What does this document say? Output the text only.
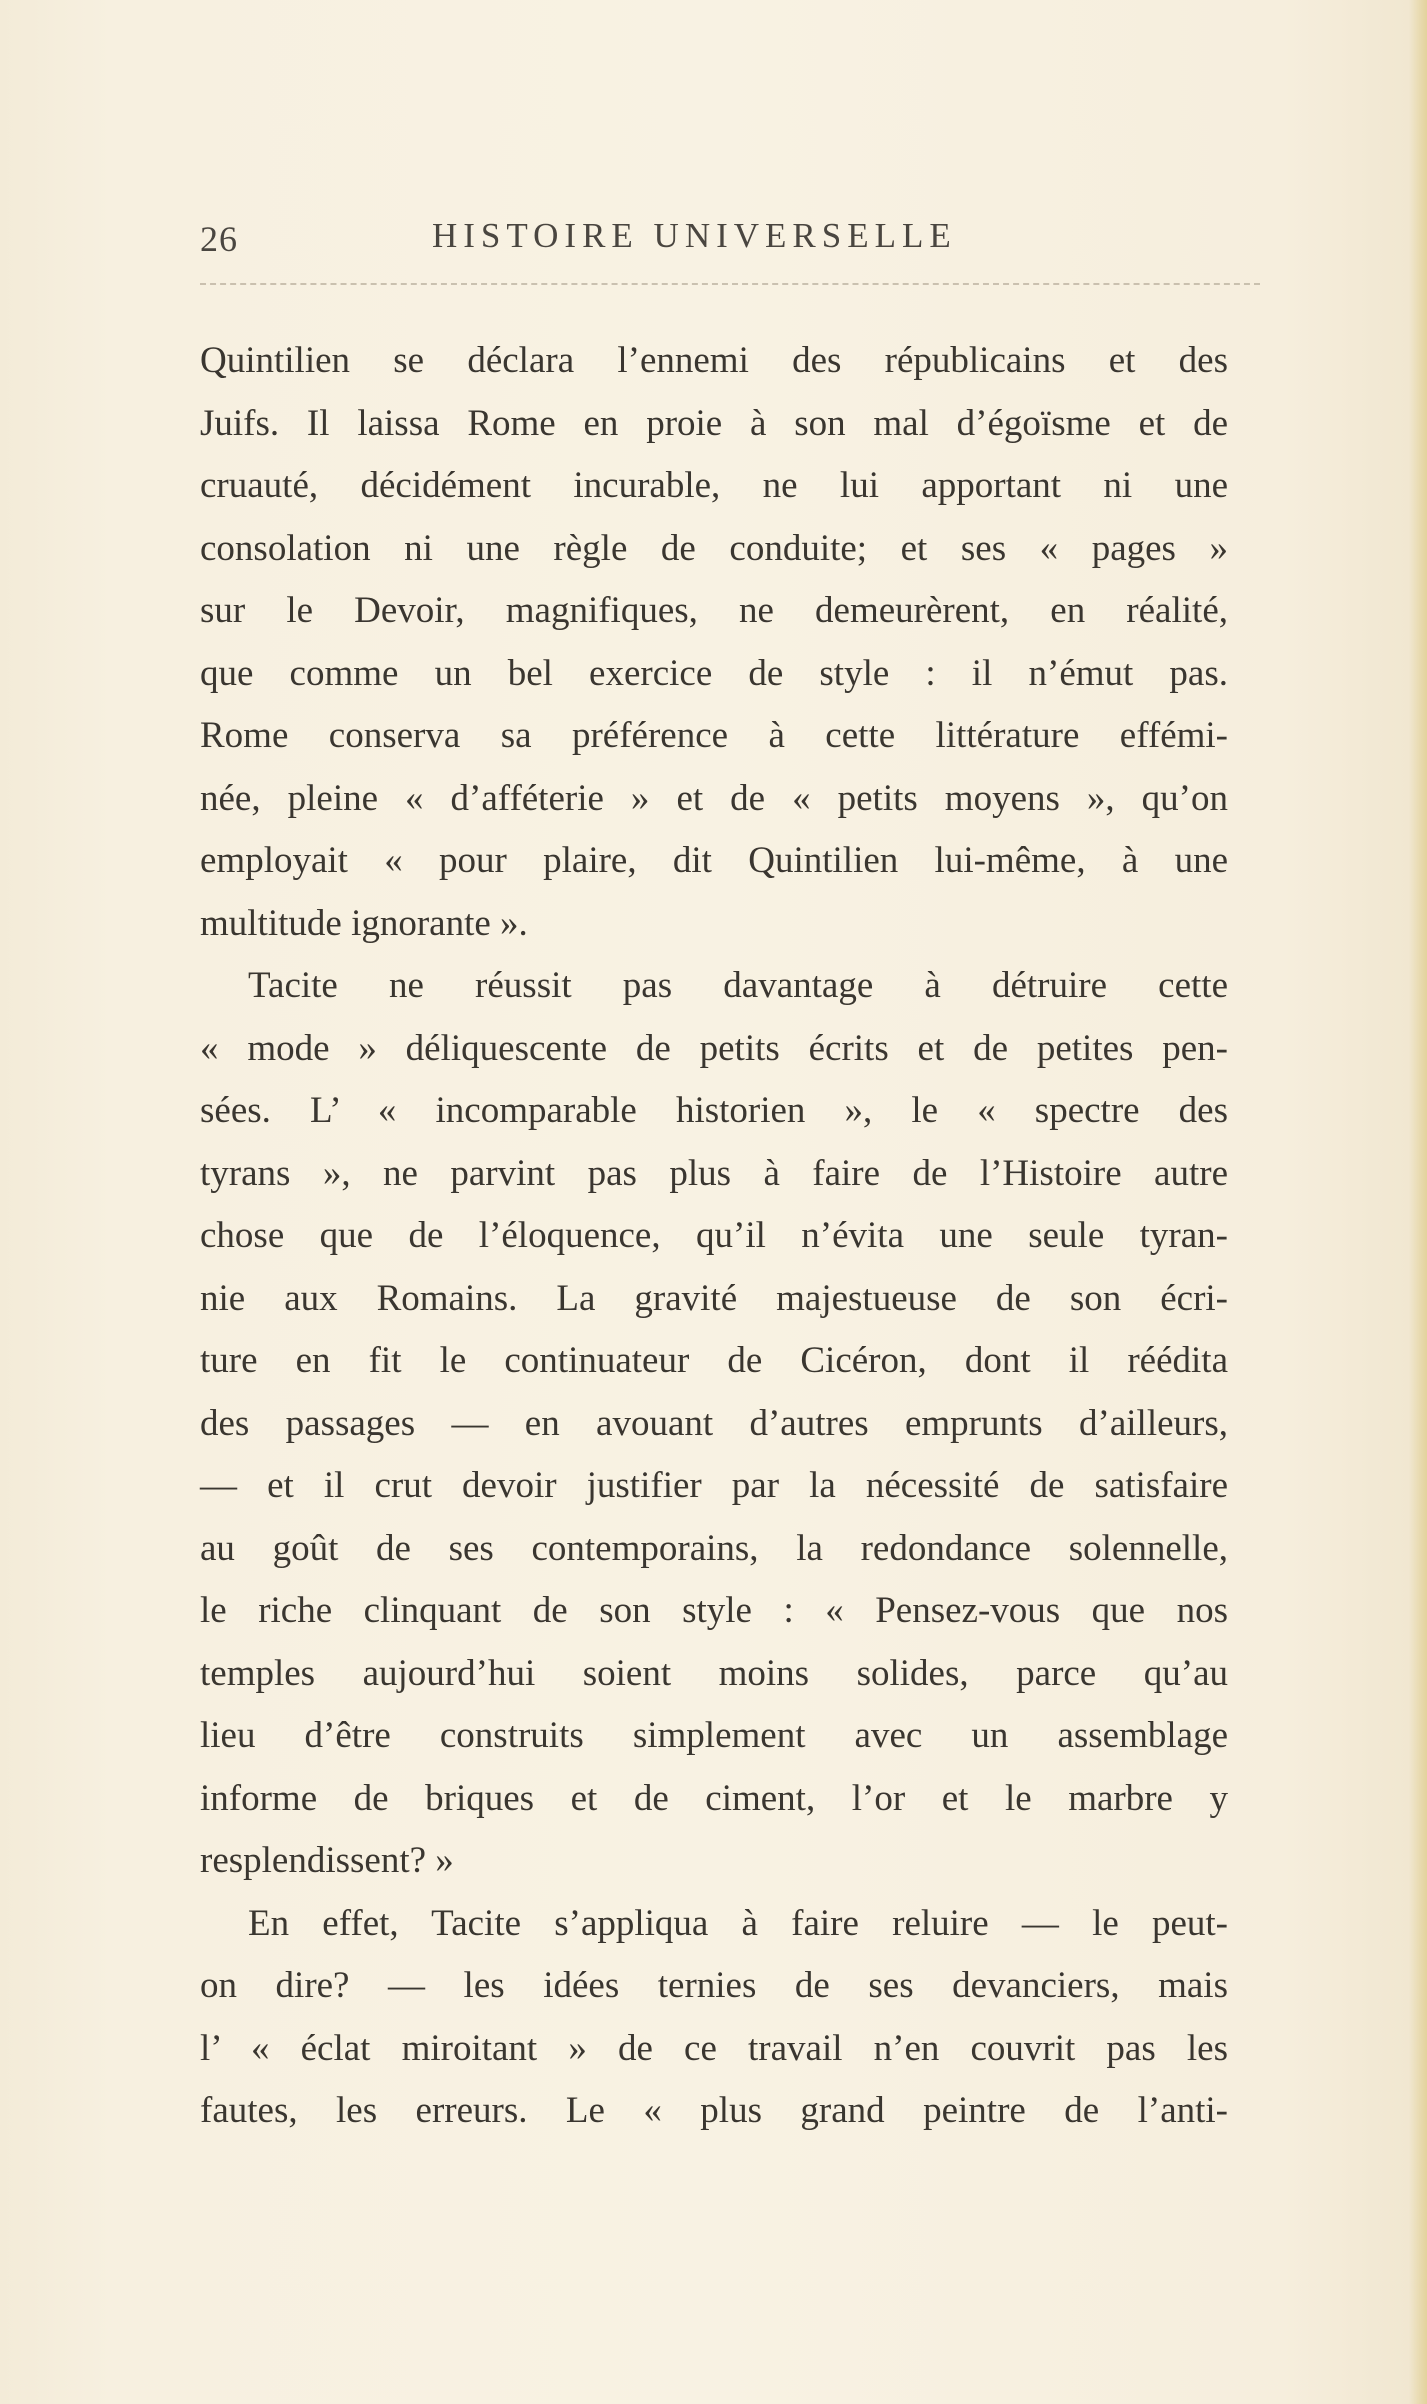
26	HISTOIRE UNIVERSELLE
Quintilien se déclara l’ennemi des républicains et des
Juifs. Il laissa Rome en proie à son mal d’égoïsme et de
cruauté, décidément incurable, ne lui apportant ni une
consolation ni une règle de conduite; et ses « pages »
sur le Devoir, magnifiques, ne demeurèrent, en réalité,
que comme un bel exercice de style : il n’émut pas.
Rome conserva sa préférence à cette littérature effémi-
née, pleine « d’afféterie » et de « petits moyens », qu’on
employait « pour plaire, dit Quintilien lui-même, à une
multitude ignorante ».
Tacite ne réussit pas davantage à détruire cette
« mode » déliquescente de petits écrits et de petites pen-
sées. L’ « incomparable historien », le « spectre des
tyrans », ne parvint pas plus à faire de l’Histoire autre
chose que de l’éloquence, qu’il n’évita une seule tyran-
nie aux Romains. La gravité majestueuse de son écri-
ture en fit le continuateur de Cicéron, dont il réédita
des passages — en avouant d’autres emprunts d’ailleurs,
— et il crut devoir justifier par la nécessité de satisfaire
au goût de ses contemporains, la redondance solennelle,
le riche clinquant de son style : « Pensez-vous que nos
temples aujourd’hui soient moins solides, parce qu’au
lieu d’être construits simplement avec un assemblage
informe de briques et de ciment, l’or et le marbre y
resplendissent? »
En effet, Tacite s’appliqua à faire reluire — le peut-
on dire? — les idées ternies de ses devanciers, mais
l’ « éclat miroitant » de ce travail n’en couvrit pas les
fautes, les erreurs. Le « plus grand peintre de l’anti-
